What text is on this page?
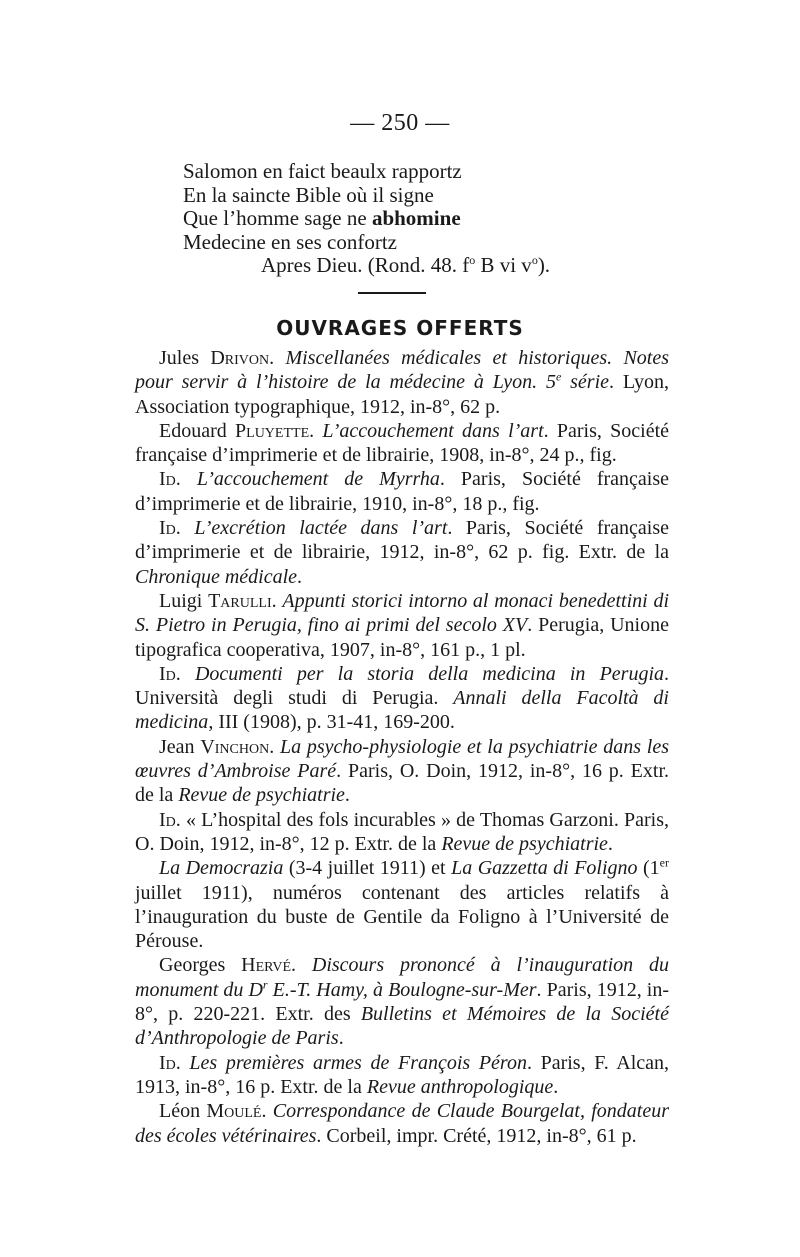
— 250 —
Salomon en faict beaulx rapportz
En la saincte Bible où il signe
Que l’homme sage ne abhomine
Medecine en ses confortz
Apres Dieu. (Rond. 48. $f^o$ B vi $v^o$).
OUVRAGES OFFERTS

Jules Drivon. Miscellanées médicales et historiques. Notes pour servir à l’histoire de la médecine à Lyon. 5e série. Lyon, Association typographique, 1912, in-8°, 62 p.

Edouard Pluyette. L’accouchement dans l’art. Paris, Société française d’imprimerie et de librairie, 1908, in-8°, 24 p., fig.

Id. L’accouchement de Myrrha. Paris, Société française d’imprimerie et de librairie, 1910, in-8°, 18 p., fig.

Id. L’excrétion lactée dans l’art. Paris, Société française d’imprimerie et de librairie, 1912, in-8°, 62 p. fig. Extr. de la Chronique médicale.

Luigi Tarulli. Appunti storici intorno al monaci benedettini di S. Pietro in Perugia, fino ai primi del secolo XV. Perugia, Unione tipografica cooperativa, 1907, in-8°, 161 p., 1 pl.

Id. Documenti per la storia della medicina in Perugia. Università degli studi di Perugia. Annali della Facoltà di medicina, III (1908), p. 31-41, 169-200.

Jean Vinchon. La psycho-physiologie et la psychiatrie dans les œuvres d’Ambroise Paré. Paris, O. Doin, 1912, in-8°, 16 p. Extr. de la Revue de psychiatrie.

Id. « L’hospital des fols incurables » de Thomas Garzoni. Paris, O. Doin, 1912, in-8°, 12 p. Extr. de la Revue de psychiatrie.

La Democrazia (3-4 juillet 1911) et La Gazzetta di Foligno (1er juillet 1911), numéros contenant des articles relatifs à l’inauguration du buste de Gentile da Foligno à l’Université de Pérouse.

Georges Hervé. Discours prononcé à l’inauguration du monument du $D^r$ E.-T. Hamy, à Boulogne-sur-Mer. Paris, 1912, in-8°, p. 220-221. Extr. des Bulletins et Mémoires de la Société d’Anthropologie de Paris.

Id. Les premières armes de François Péron. Paris, F. Alcan, 1913, in-8°, 16 p. Extr. de la Revue anthropologique.

Léon Moulé. Correspondance de Claude Bourgelat, fondateur des écoles vétérinaires. Corbeil, impr. Crété, 1912, in-8°, 61 p.
